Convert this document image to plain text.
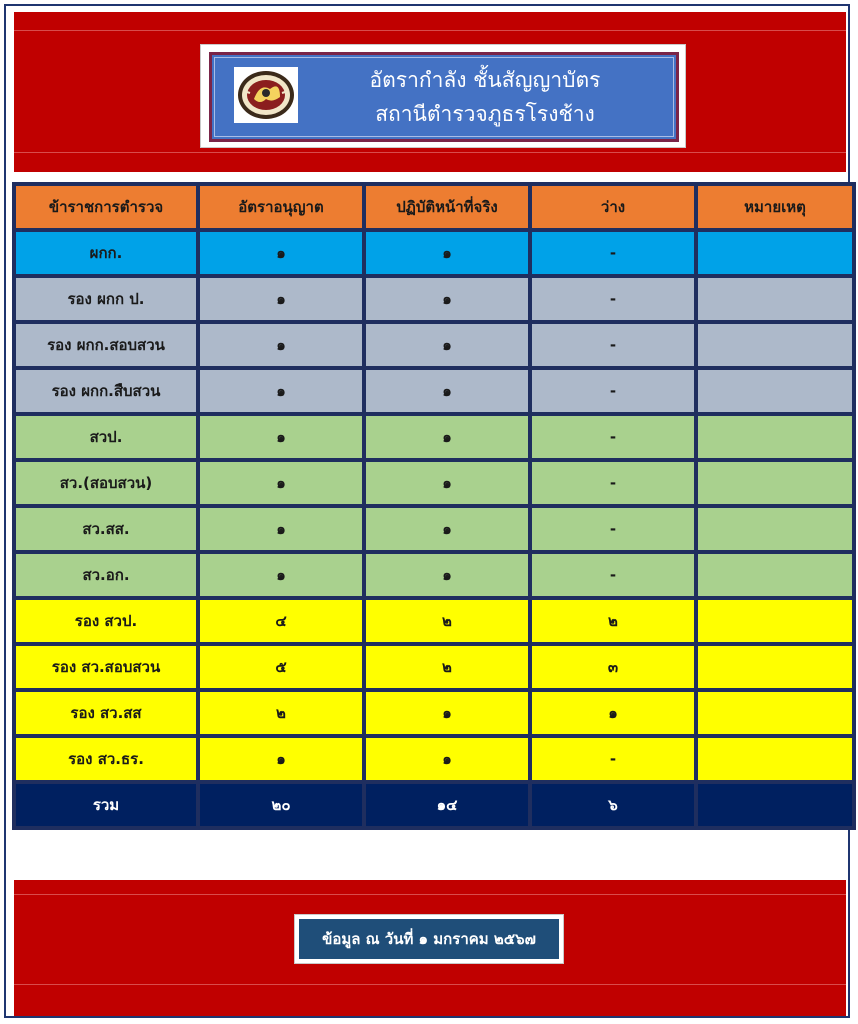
อัตรากำลัง ชั้นสัญญาบัตร
สถานีตำรวจภูธรโรงช้าง
ข้าราชการตำรวจ	อัตราอนุญาต	ปฏิบัติหน้าที่จริง	ว่าง	หมายเหตุ
ผกก.	๑	๑	-	
รอง ผกก ป.	๑	๑	-	
รอง ผกก.สอบสวน	๑	๑	-	
รอง ผกก.สืบสวน	๑	๑	-	
สวป.	๑	๑	-	
สว.(สอบสวน)	๑	๑	-	
สว.สส.	๑	๑	-	
สว.อก.	๑	๑	-	
รอง สวป.	๔	๒	๒	
รอง สว.สอบสวน	๕	๒	๓	
รอง สว.สส	๒	๑	๑	
รอง สว.ธร.	๑	๑	-	
รวม	๒๐	๑๔	๖	
ข้อมูล ณ วันที่ ๑ มกราคม ๒๕๖๗
